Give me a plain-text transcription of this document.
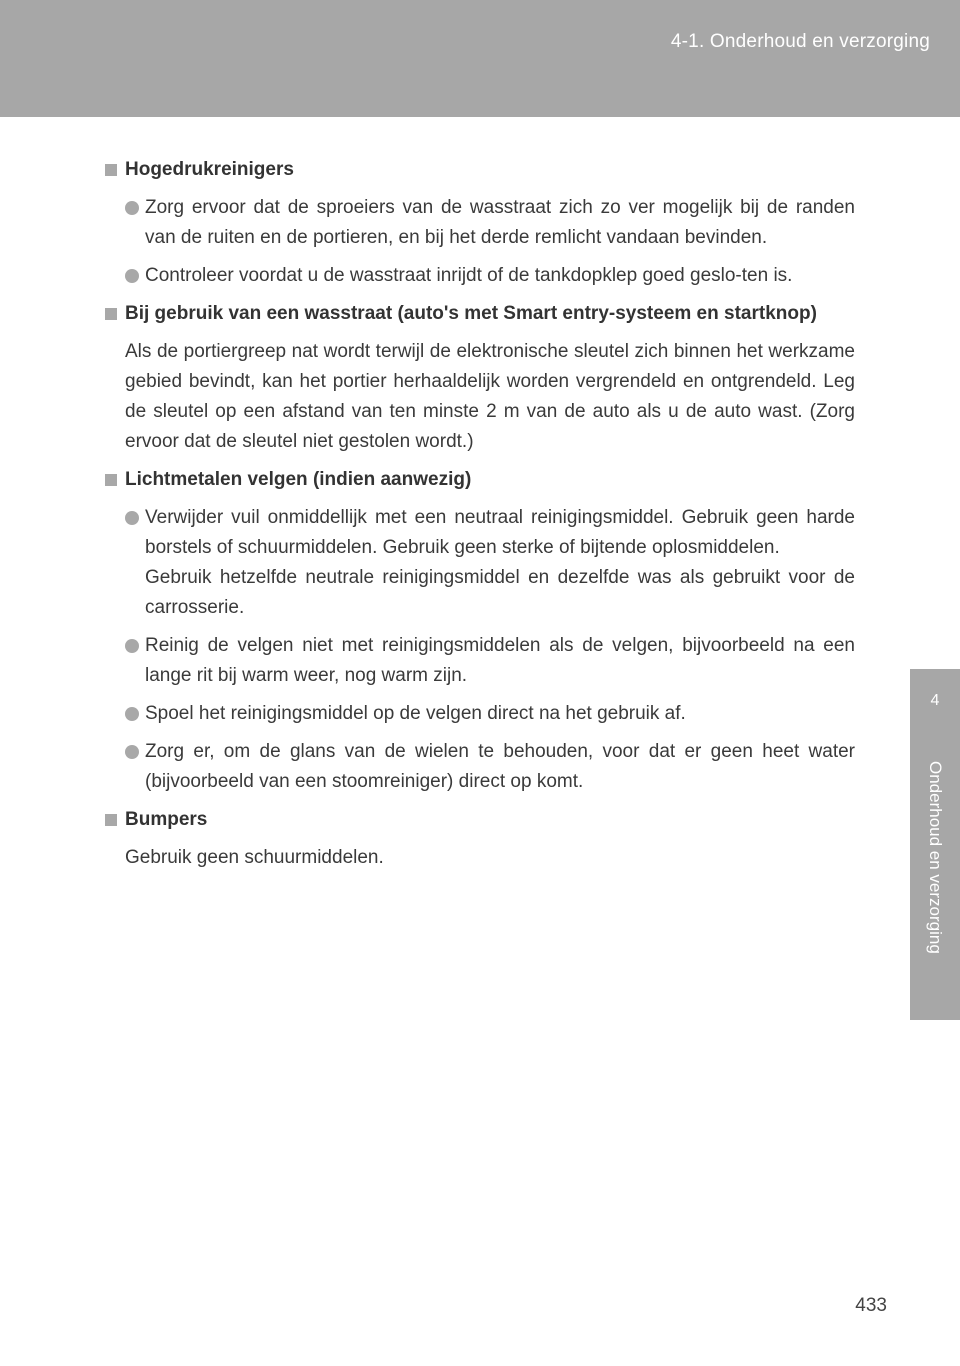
4-1. Onderhoud en verzorging
4
Onderhoud en verzorging
Hogedrukreinigers
Zorg ervoor dat de sproeiers van de wasstraat zich zo ver mogelijk bij de randen van de ruiten en de portieren, en bij het derde remlicht vandaan bevinden.
Controleer voordat u de wasstraat inrijdt of de tankdopklep goed geslo-ten is.
Bij gebruik van een wasstraat (auto's met Smart entry-systeem en startknop)
Als de portiergreep nat wordt terwijl de elektronische sleutel zich binnen het werkzame gebied bevindt, kan het portier herhaaldelijk worden vergrendeld en ontgrendeld. Leg de sleutel op een afstand van ten minste 2 m van de auto als u de auto wast. (Zorg ervoor dat de sleutel niet gestolen wordt.)
Lichtmetalen velgen (indien aanwezig)
Verwijder vuil onmiddellijk met een neutraal reinigingsmiddel. Gebruik geen harde borstels of schuurmiddelen. Gebruik geen sterke of bijtende oplosmiddelen.
Gebruik hetzelfde neutrale reinigingsmiddel en dezelfde was als gebruikt voor de carrosserie.
Reinig de velgen niet met reinigingsmiddelen als de velgen, bijvoorbeeld na een lange rit bij warm weer, nog warm zijn.
Spoel het reinigingsmiddel op de velgen direct na het gebruik af.
Zorg er, om de glans van de wielen te behouden, voor dat er geen heet water (bijvoorbeeld van een stoomreiniger) direct op komt.
Bumpers
Gebruik geen schuurmiddelen.
433
